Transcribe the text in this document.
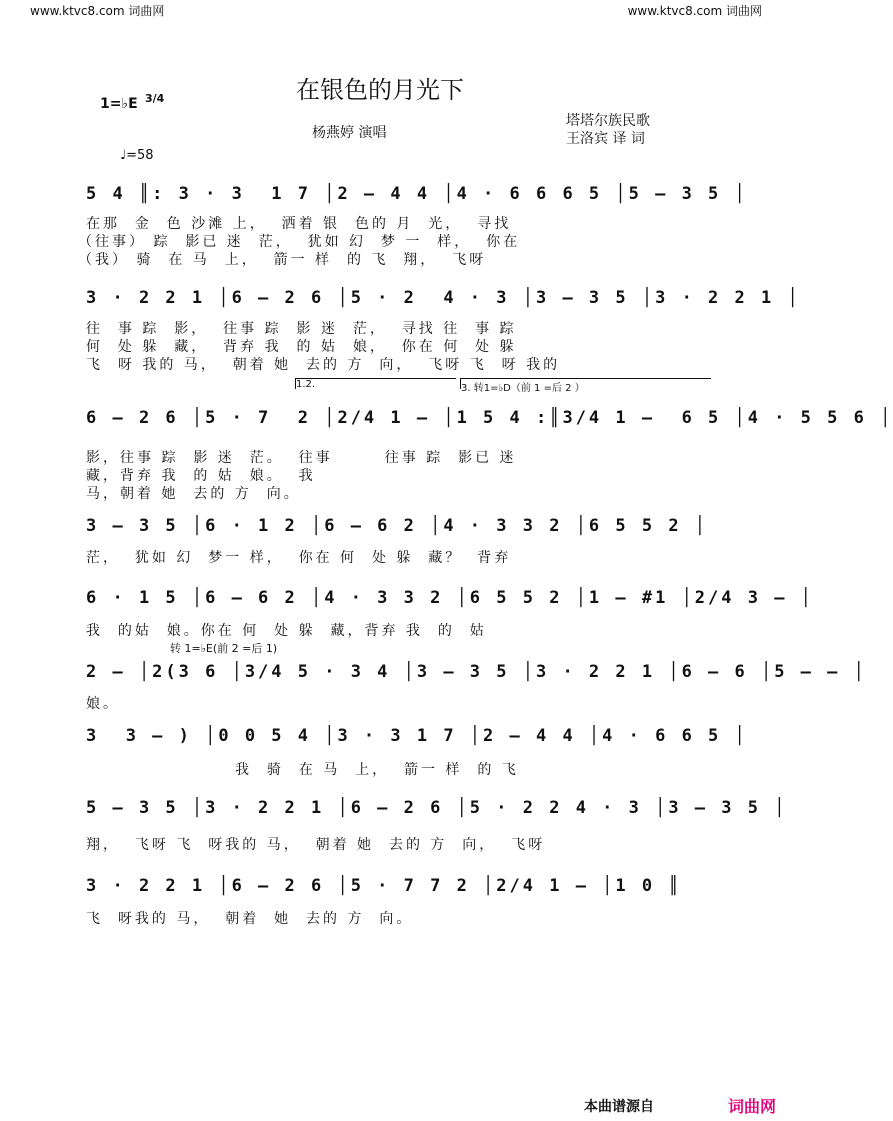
www.ktvc8.com 词曲网	www.ktvc8.com 词曲网
在银色的月光下
1=♭E 3/4
♩=58
杨燕婷 演唱
塔塔尔族民歌
王洛宾 译 词
5 4 ║: 3 · 3  1 7 │2 – 4 4 │4 · 6 6 6 5 │5 – 3 5 │
在那  金  色 沙滩 上，  洒着 银  色的 月  光，  寻找
（往事） 踪  影已 迷  茫，  犹如 幻  梦 一  样，  你在
（我） 骑  在 马  上，  箭一 样  的 飞  翔，  飞呀
3 · 2 2 1 │6 – 2 6 │5 · 2  4 · 3 │3 – 3 5 │3 · 2 2 1 │
往  事 踪  影，  往事 踪  影 迷  茫，  寻找 往  事 踪
何  处 躲  藏，  背弃 我  的 姑  娘，  你在 何  处 躲
飞  呀 我的 马，  朝着 她  去的 方  向，  飞呀 飞  呀 我的
1.2.	3. 转1=♭D（前 1 =后 2 ）
6 – 2 6 │5 · 7  2 │2/4 1 – │1 5 4 :║3/4 1 –  6 5 │4 · 5 5 6 │
影，往事 踪  影 迷  茫。  往事       往事 踪  影已 迷
藏，背弃 我  的 姑  娘。  我
马，朝着 她  去的 方  向。
3 – 3 5 │6 · 1 2 │6 – 6 2 │4 · 3 3 2 │6 5 5 2 │
茫，  犹如 幻  梦一 样，  你在 何  处 躲  藏？  背弃
6 · 1 5 │6 – 6 2 │4 · 3 3 2 │6 5 5 2 │1 – #1 │2/4 3 – │
我  的姑  娘。你在 何  处 躲  藏，背弃 我  的  姑
转 1=♭E(前 2 =后 1)
2 – │2(3 6 │3/4 5 · 3 4 │3 – 3 5 │3 · 2 2 1 │6 – 6 │5 – – │
娘。
3  3 – ) │0 0 5 4 │3 · 3 1 7 │2 – 4 4 │4 · 6 6 5 │
我  骑  在 马  上，  箭一 样  的 飞
5 – 3 5 │3 · 2 2 1 │6 – 2 6 │5 · 2 2 4 · 3 │3 – 3 5 │
翔，  飞呀 飞  呀我的 马，  朝着 她  去的 方  向，  飞呀
3 · 2 2 1 │6 – 2 6 │5 · 7 7 2 │2/4 1 – │1 0 ║
飞  呀我的 马，  朝着  她  去的 方  向。
本曲谱源自	词曲网
